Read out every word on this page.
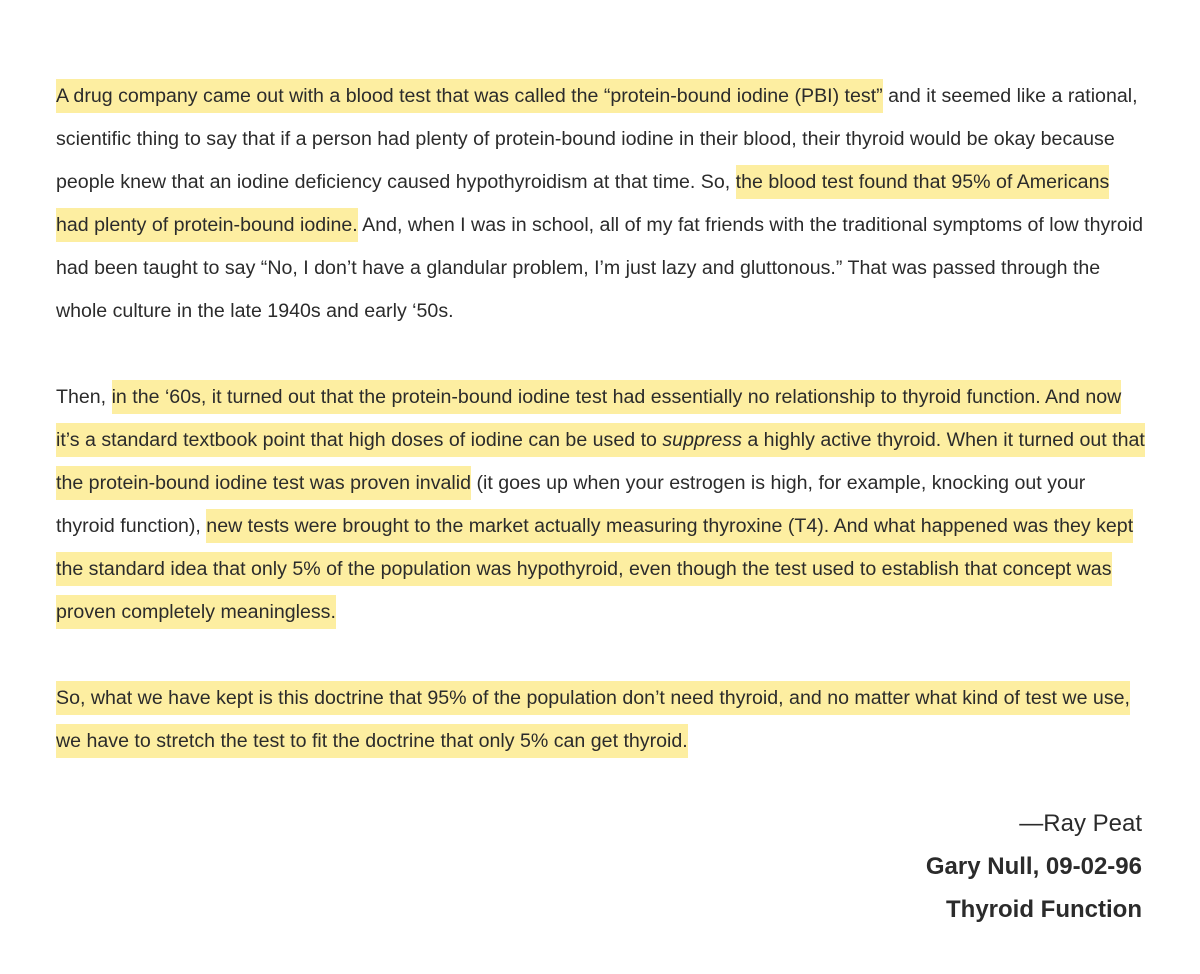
A drug company came out with a blood test that was called the “protein-bound iodine (PBI) test” and it seemed like a rational, scientific thing to say that if a person had plenty of protein-bound iodine in their blood, their thyroid would be okay because people knew that an iodine deficiency caused hypothyroidism at that time. So, the blood test found that 95% of Americans had plenty of protein-bound iodine. And, when I was in school, all of my fat friends with the traditional symptoms of low thyroid had been taught to say “No, I don’t have a glandular problem, I’m just lazy and gluttonous.” That was passed through the whole culture in the late 1940s and early ‘50s.

Then, in the ‘60s, it turned out that the protein-bound iodine test had essentially no relationship to thyroid function. And now it’s a standard textbook point that high doses of iodine can be used to suppress a highly active thyroid. When it turned out that the protein-bound iodine test was proven invalid (it goes up when your estrogen is high, for example, knocking out your thyroid function), new tests were brought to the market actually measuring thyroxine (T4). And what happened was they kept the standard idea that only 5% of the population was hypothyroid, even though the test used to establish that concept was proven completely meaningless.

So, what we have kept is this doctrine that 95% of the population don’t need thyroid, and no matter what kind of test we use, we have to stretch the test to fit the doctrine that only 5% can get thyroid.

—Ray Peat
Gary Null, 09-02-96
Thyroid Function
